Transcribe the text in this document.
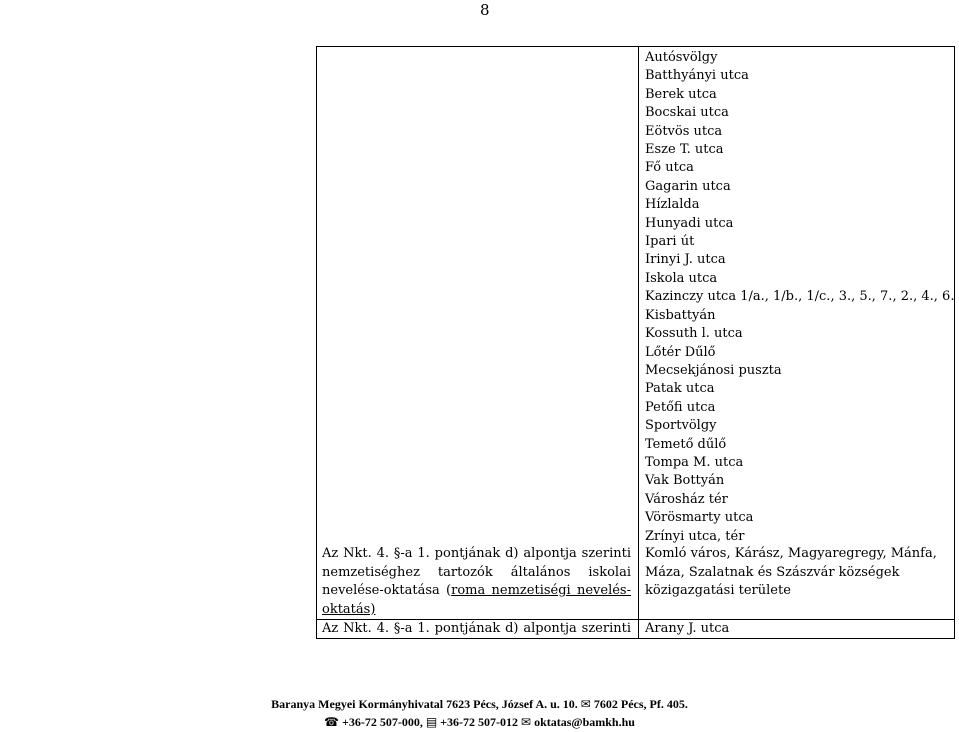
8
Autósvölgy
Batthyányi utca
Berek utca
Bocskai utca
Eötvös utca
Esze T. utca
Fő utca
Gagarin utca
Hízlalda
Hunyadi utca
Ipari út
Irinyi J. utca
Iskola utca
Kazinczy utca 1/a., 1/b., 1/c., 3., 5., 7., 2., 4., 6.
Kisbattyán
Kossuth l. utca
Lőtér Dűlő
Mecsekjánosi puszta
Patak utca
Petőfi utca
Sportvölgy
Temető dűlő
Tompa M. utca
Vak Bottyán
Városház tér
Vörösmarty utca
Zrínyi utca, tér
Az Nkt. 4. §-a 1. pontjának d) alpontja szerinti
nemzetiséghez tartozók általános iskolai
nevelése-oktatása (roma nemzetiségi nevelés-
oktatás)
Komló város, Kárász, Magyaregregy, Mánfa,
Máza, Szalatnak és Szászvár községek
közigazgatási területe
Az Nkt. 4. §-a 1. pontjának d) alpontja szerinti Arany J. utca
Baranya Megyei Kormányhivatal 7623 Pécs, József A. u. 10. ✉ 7602 Pécs, Pf. 405.
☎ +36-72 507-000, ▤ +36-72 507-012 ✉ oktatas@bamkh.hu
